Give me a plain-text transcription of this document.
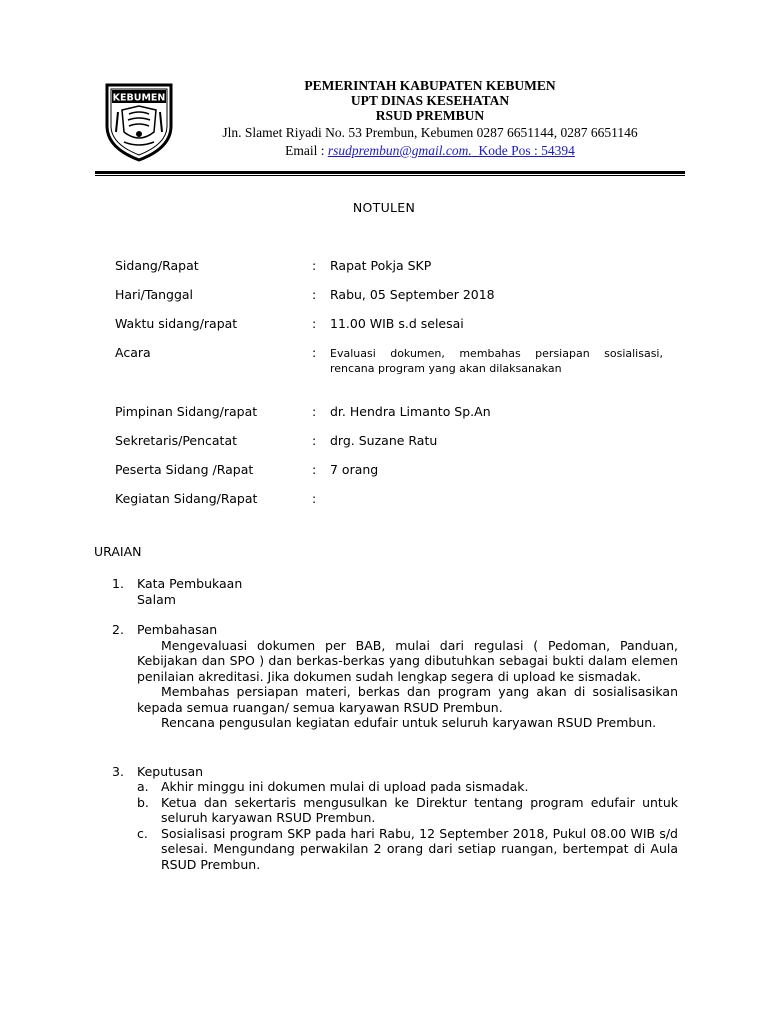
KEBUMEN
PEMERINTAH KABUPATEN KEBUMEN
UPT DINAS KESEHATAN
RSUD PREMBUN
Jln. Slamet Riyadi No. 53 Prembun, Kebumen 0287 6651144, 0287 6651146
Email : rsudprembun@gmail.com.  Kode Pos : 54394
NOTULEN
Sidang/Rapat	:	Rapat Pokja SKP
Hari/Tanggal	:	Rabu, 05 September 2018
Waktu sidang/rapat	:	11.00 WIB s.d selesai
Acara	:	Evaluasi dokumen, membahas persiapan sosialisasi, rencana program yang akan dilaksanakan
Pimpinan Sidang/rapat	:	dr. Hendra Limanto Sp.An
Sekretaris/Pencatat	:	drg. Suzane Ratu
Peserta Sidang /Rapat	:	7 orang
Kegiatan Sidang/Rapat	:
URAIAN
1. Kata Pembukaan
Salam
2. Pembahasan
Mengevaluasi dokumen per BAB, mulai dari regulasi ( Pedoman, Panduan, Kebijakan dan SPO ) dan berkas-berkas yang dibutuhkan sebagai bukti dalam elemen penilaian akreditasi. Jika dokumen sudah lengkap segera di upload ke sismadak.
Membahas persiapan materi, berkas dan program yang akan di sosialisasikan kepada semua ruangan/ semua karyawan RSUD Prembun.
Rencana pengusulan kegiatan edufair untuk seluruh karyawan RSUD Prembun.
3. Keputusan
a. Akhir minggu ini dokumen mulai di upload pada sismadak.
b. Ketua dan sekertaris mengusulkan ke Direktur tentang program edufair untuk seluruh karyawan RSUD Prembun.
c. Sosialisasi program SKP pada hari Rabu, 12 September 2018, Pukul 08.00 WIB s/d selesai. Mengundang perwakilan 2 orang dari setiap ruangan, bertempat di Aula RSUD Prembun.
